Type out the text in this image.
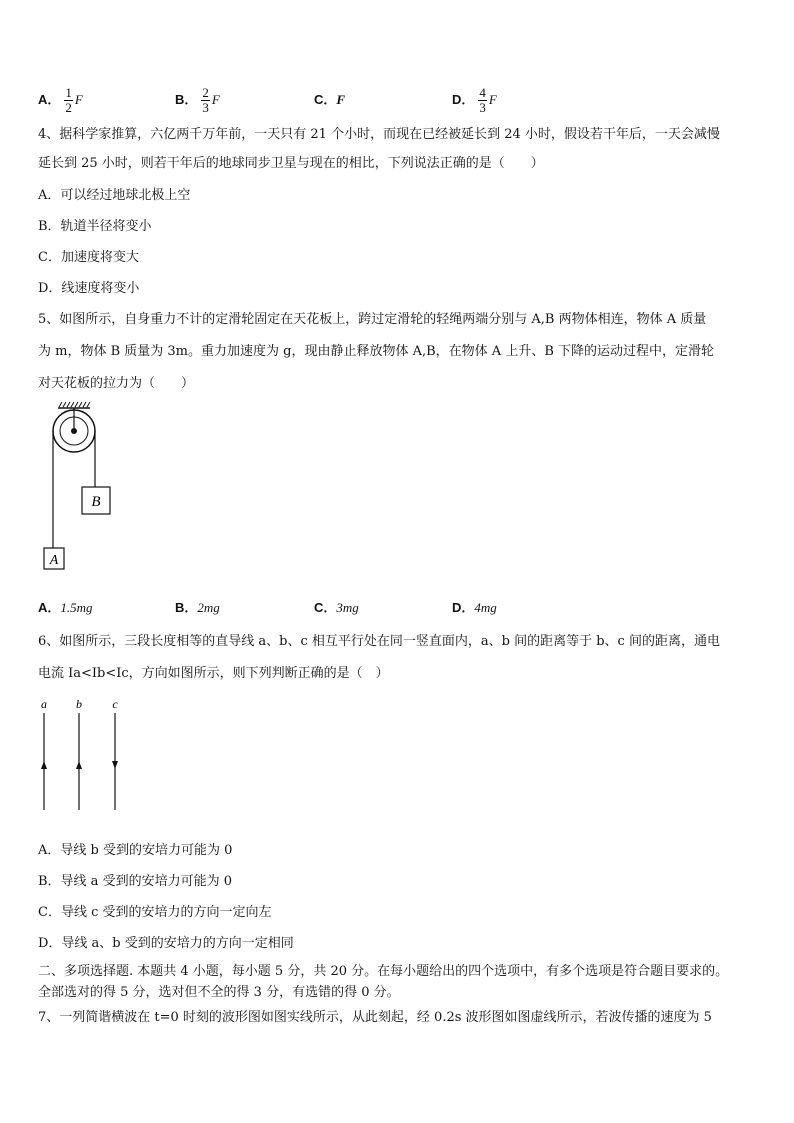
A． $\frac{1}{2}$ F	B． $\frac{2}{3}$ F	C．F	D． $\frac{4}{3}$ F
4、据科学家推算，六亿两千万年前，一天只有 21 个小时，而现在已经被延长到 24 小时，假设若干年后，一天会减慢
延长到 25 小时，则若干年后的地球同步卫星与现在的相比，下列说法正确的是（　　）
A．可以经过地球北极上空
B．轨道半径将变小
C．加速度将变大
D．线速度将变小
5、如图所示，自身重力不计的定滑轮固定在天花板上，跨过定滑轮的轻绳两端分别与 A,B 两物体相连，物体 A 质量
为 m，物体 B 质量为 3m。重力加速度为 g，现由静止释放物体 A,B，在物体 A 上升、B 下降的运动过程中，定滑轮
对天花板的拉力为（　　）
B
A
A．1.5mg	B．2mg	C．3mg	D．4mg
6、如图所示，三段长度相等的直导线 a、b、c 相互平行处在同一竖直面内，a、b 间的距离等于 b、c 间的距离，通电
电流 Ia<Ib<Ic，方向如图所示，则下列判断正确的是（　）
a b	c
A．导线 b 受到的安培力可能为 0
B．导线 a 受到的安培力可能为 0
C．导线 c 受到的安培力的方向一定向左
D．导线 a、b 受到的安培力的方向一定相同
二、多项选择题. 本题共 4 小题，每小题 5 分，共 20 分。在每小题给出的四个选项中，有多个选项是符合题目要求的。
全部选对的得 5 分，选对但不全的得 3 分，有选错的得 0 分。
7、一列简谐横波在 t=0 时刻的波形图如图实线所示，从此刻起，经 0.2s 波形图如图虚线所示，若波传播的速度为 5
